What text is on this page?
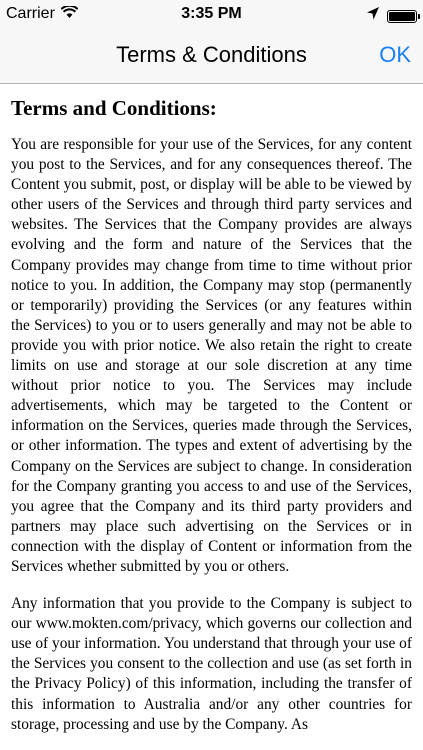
Carrier	3:35 PM
Terms & Conditions	OK
Terms and Conditions:

You are responsible for your use of the Services, for any content you post to the Services, and for any consequences thereof. The Content you submit, post, or display will be able to be viewed by other users of the Services and through third party services and websites. The Services that the Company provides are always evolving and the form and nature of the Services that the Company provides may change from time to time without prior notice to you. In addition, the Company may stop (permanently or temporarily) providing the Services (or any features within the Services) to you or to users generally and may not be able to provide you with prior notice. We also retain the right to create limits on use and storage at our sole discretion at any time without prior notice to you. The Services may include advertisements, which may be targeted to the Content or information on the Services, queries made through the Services, or other information. The types and extent of advertising by the Company on the Services are subject to change. In consideration for the Company granting you access to and use of the Services, you agree that the Company and its third party providers and partners may place such advertising on the Services or in connection with the display of Content or information from the Services whether submitted by you or others.

Any information that you provide to the Company is subject to our www.mokten.com/privacy, which governs our collection and use of your information. You understand that through your use of the Services you consent to the collection and use (as set forth in the Privacy Policy) of this information, including the transfer of this information to Australia and/or any other countries for storage, processing and use by the Company. As
